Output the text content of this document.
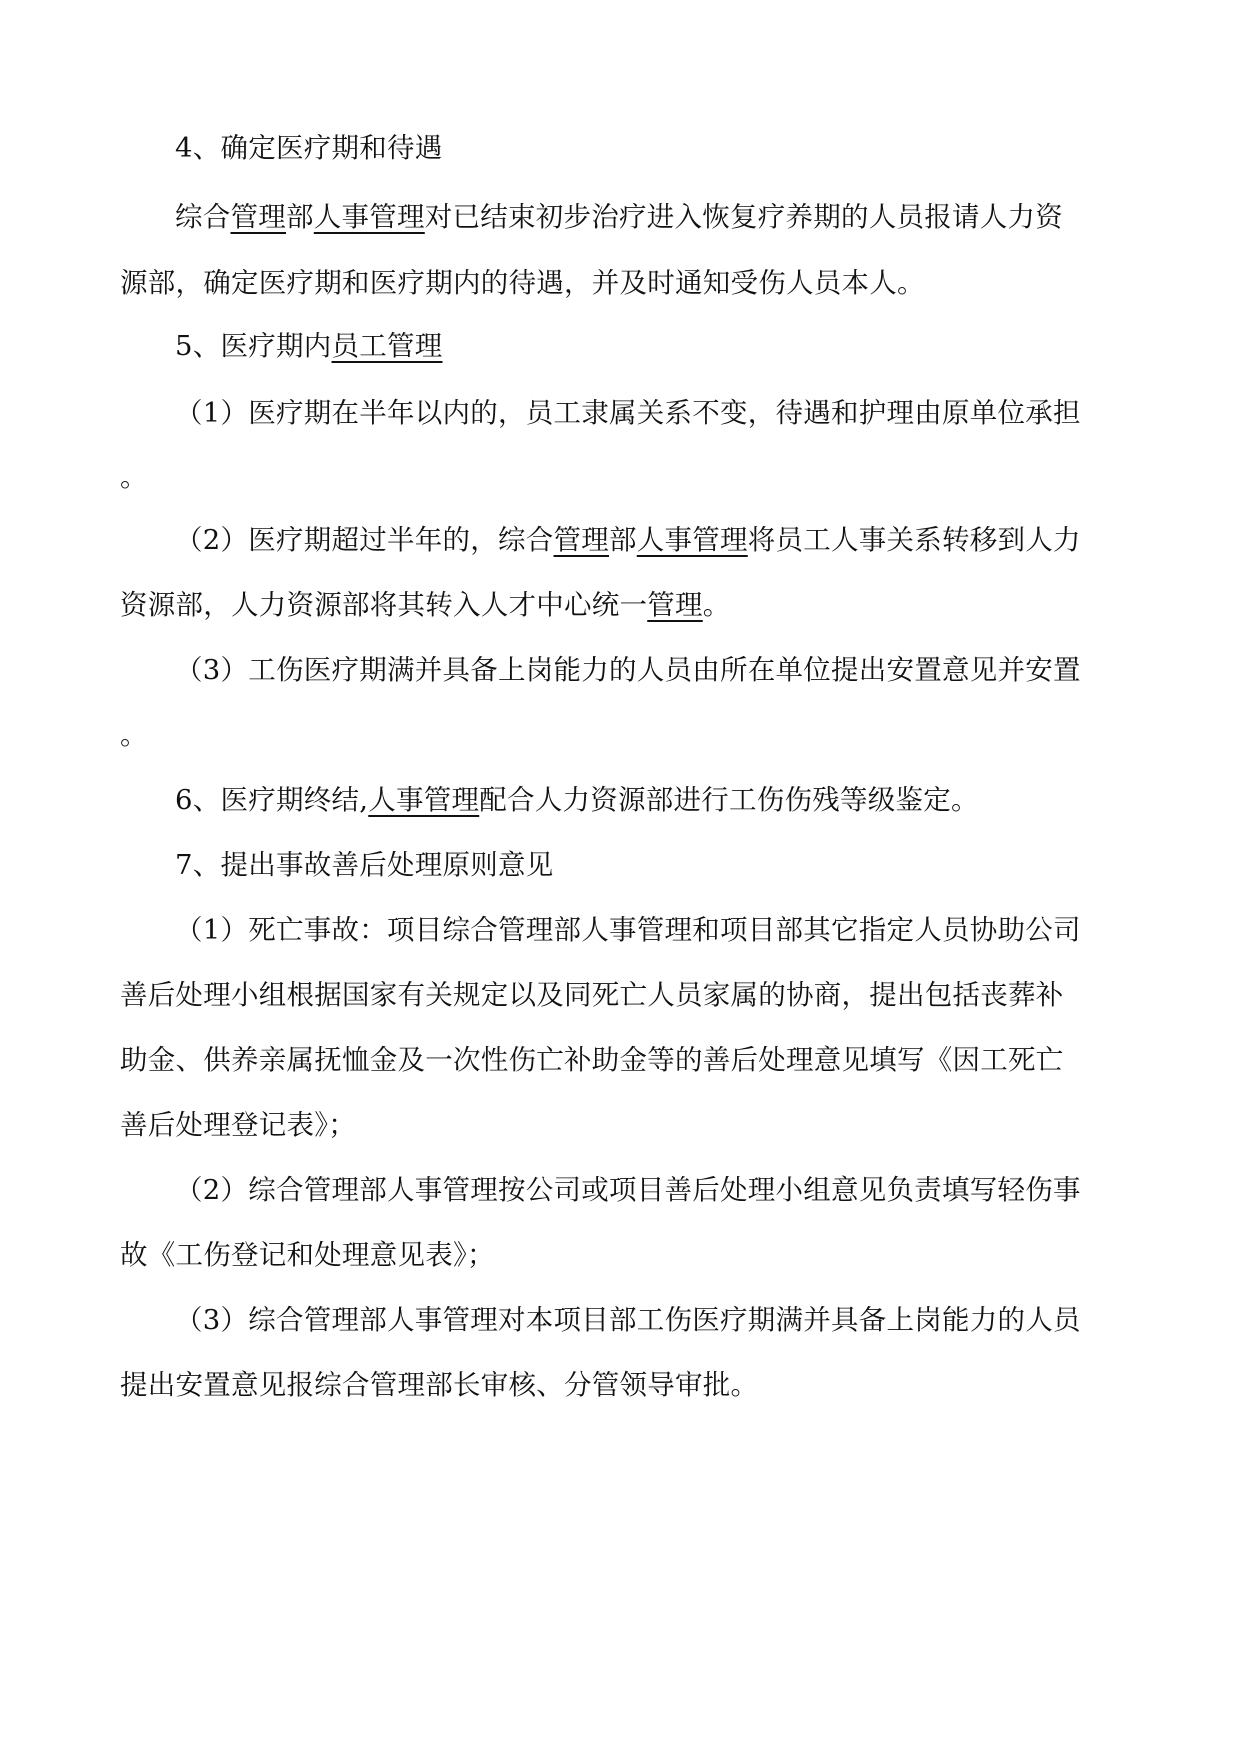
4、确定医疗期和待遇
综合管理部人事管理对已结束初步治疗进入恢复疗养期的人员报请人力资
源部，确定医疗期和医疗期内的待遇，并及时通知受伤人员本人。
5、医疗期内员工管理
（1）医疗期在半年以内的，员工隶属关系不变，待遇和护理由原单位承担
。
（2）医疗期超过半年的，综合管理部人事管理将员工人事关系转移到人力
资源部，人力资源部将其转入人才中心统一管理。
（3）工伤医疗期满并具备上岗能力的人员由所在单位提出安置意见并安置
。
6、医疗期终结,人事管理配合人力资源部进行工伤伤残等级鉴定。
7、提出事故善后处理原则意见
（1）死亡事故：项目综合管理部人事管理和项目部其它指定人员协助公司
善后处理小组根据国家有关规定以及同死亡人员家属的协商，提出包括丧葬补
助金、供养亲属抚恤金及一次性伤亡补助金等的善后处理意见填写《因工死亡
善后处理登记表》；
（2）综合管理部人事管理按公司或项目善后处理小组意见负责填写轻伤事
故《工伤登记和处理意见表》；
（3）综合管理部人事管理对本项目部工伤医疗期满并具备上岗能力的人员
提出安置意见报综合管理部长审核、分管领导审批。
